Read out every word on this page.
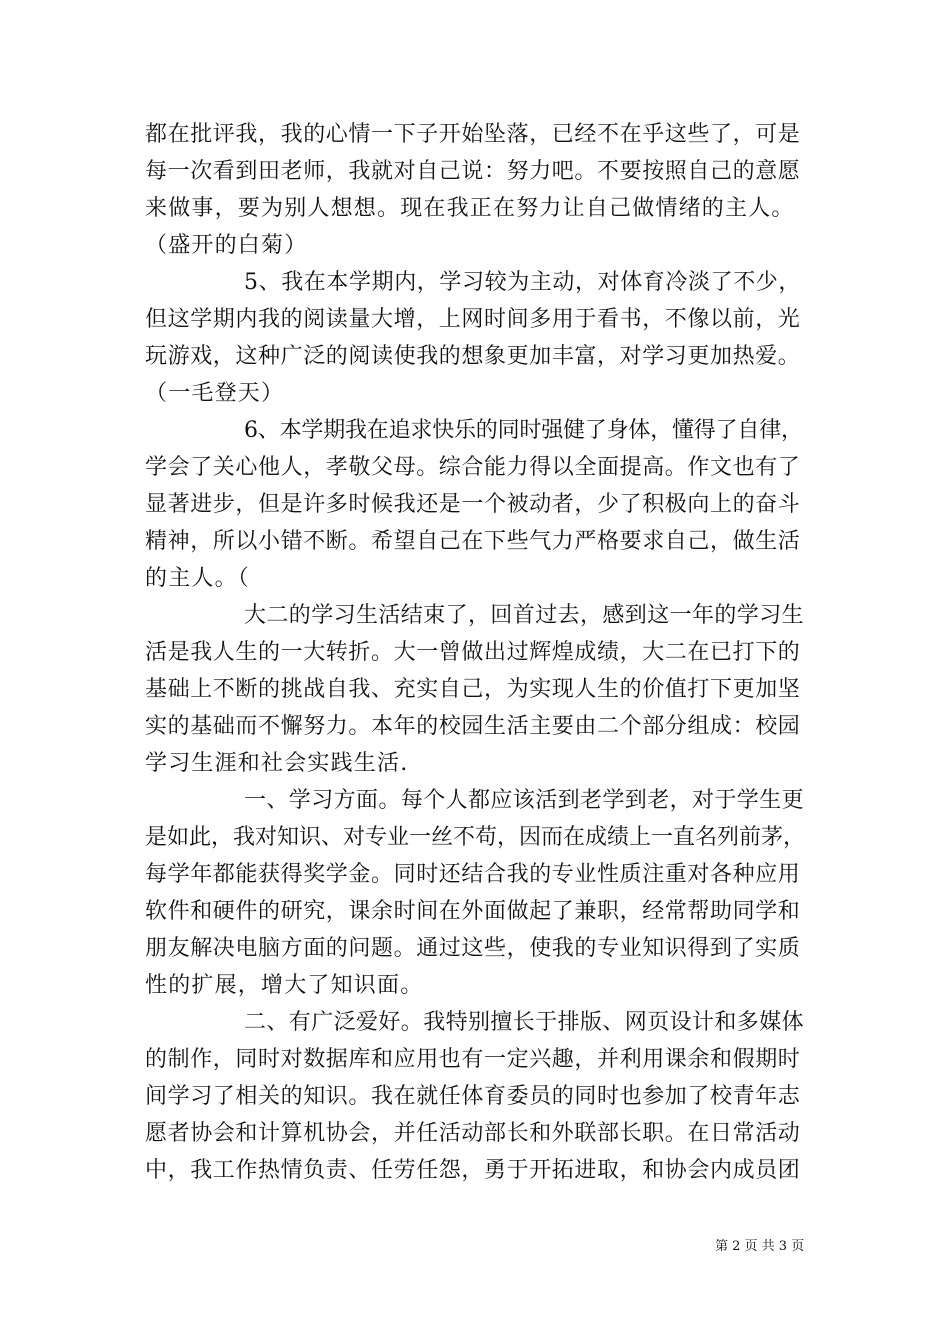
都在批评我，我的心情一下子开始坠落，已经不在乎这些了，可是
每一次看到田老师，我就对自己说：努力吧。不要按照自己的意愿
来做事，要为别人想想。现在我正在努力让自己做情绪的主人。
（盛开的白菊）
5、我在本学期内，学习较为主动，对体育冷淡了不少，
但这学期内我的阅读量大增，上网时间多用于看书，不像以前，光
玩游戏，这种广泛的阅读使我的想象更加丰富，对学习更加热爱。
（一毛登天）
6、本学期我在追求快乐的同时强健了身体，懂得了自律，
学会了关心他人，孝敬父母。综合能力得以全面提高。作文也有了
显著进步，但是许多时候我还是一个被动者，少了积极向上的奋斗
精神，所以小错不断。希望自己在下些气力严格要求自己，做生活
的主人。（
大二的学习生活结束了，回首过去，感到这一年的学习生
活是我人生的一大转折。大一曾做出过辉煌成绩，大二在已打下的
基础上不断的挑战自我、充实自己，为实现人生的价值打下更加坚
实的基础而不懈努力。本年的校园生活主要由二个部分组成：校园
学习生涯和社会实践生活.
一、学习方面。每个人都应该活到老学到老，对于学生更
是如此，我对知识、对专业一丝不苟，因而在成绩上一直名列前茅，
每学年都能获得奖学金。同时还结合我的专业性质注重对各种应用
软件和硬件的研究，课余时间在外面做起了兼职，经常帮助同学和
朋友解决电脑方面的问题。通过这些，使我的专业知识得到了实质
性的扩展，增大了知识面。
二、有广泛爱好。我特别擅长于排版、网页设计和多媒体
的制作，同时对数据库和应用也有一定兴趣，并利用课余和假期时
间学习了相关的知识。我在就任体育委员的同时也参加了校青年志
愿者协会和计算机协会，并任活动部长和外联部长职。在日常活动
中，我工作热情负责、任劳任怨，勇于开拓进取，和协会内成员团
第 2 页 共 3 页
